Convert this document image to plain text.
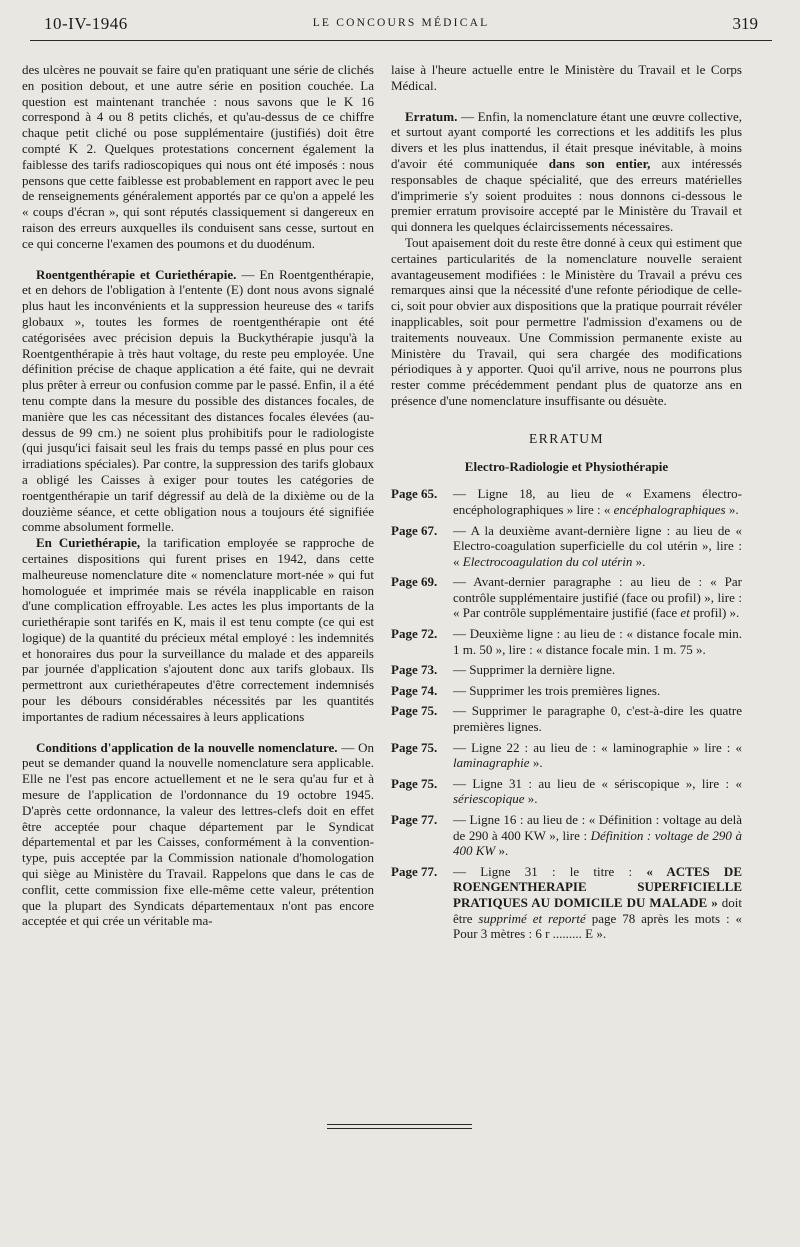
10-IV-1946	LE CONCOURS MÉDICAL	319

des ulcères ne pouvait se faire qu'en pratiquant une série de clichés en position debout, et une autre série en position couchée. La question est maintenant tranchée : nous savons que le K 16 correspond à 4 ou 8 petits clichés, et qu'au-dessus de ce chiffre chaque petit cliché ou pose supplémentaire (justifiés) doit être compté K 2. Quelques protestations concernent également la faiblesse des tarifs radioscopiques qui nous ont été imposés : nous pensons que cette faiblesse est probablement en rapport avec le peu de renseignements généralement apportés par ce qu'on a appelé les « coups d'écran », qui sont réputés classiquement si dangereux en raison des erreurs auxquelles ils conduisent sans cesse, surtout en ce qui concerne l'examen des poumons et du duodénum.

Roentgenthérapie et Curiethérapie. — En Roentgenthérapie, et en dehors de l'obligation à l'entente (E) dont nous avons signalé plus haut les inconvénients et la suppression heureuse des « tarifs globaux », toutes les formes de roentgenthérapie ont été catégorisées avec précision depuis la Buckythérapie jusqu'à la Roentgenthérapie à très haut voltage, du reste peu employée. Une définition précise de chaque application a été faite, qui ne devrait plus prêter à erreur ou confusion comme par le passé. Enfin, il a été tenu compte dans la mesure du possible des distances focales, de manière que les cas nécessitant des distances focales élevées (au-dessus de 99 cm.) ne soient plus prohibitifs pour le radiologiste (qui jusqu'ici faisait seul les frais du temps passé en plus pour ces irradiations spéciales). Par contre, la suppression des tarifs globaux a obligé les Caisses à exiger pour toutes les catégories de roentgenthérapie un tarif dégressif au delà de la dixième ou de la douzième séance, et cette obligation nous a toujours été signifiée comme absolument formelle.

En Curiethérapie, la tarification employée se rapproche de certaines dispositions qui furent prises en 1942, dans cette malheureuse nomenclature dite « nomenclature mort-née » qui fut homologuée et imprimée mais se révéla inapplicable en raison d'une complication effroyable. Les actes les plus importants de la curiethérapie sont tarifés en K, mais il est tenu compte (ce qui est logique) de la quantité du précieux métal employé : les indemnités et honoraires dus pour la surveillance du malade et des appareils par journée d'application s'ajoutent donc aux tarifs globaux. Ils permettront aux curiethérapeutes d'être correctement indemnisés pour les débours considérables nécessités par les quantités importantes de radium nécessaires à leurs applications

Conditions d'application de la nouvelle nomenclature. — On peut se demander quand la nouvelle nomenclature sera applicable. Elle ne l'est pas encore actuellement et ne le sera qu'au fur et à mesure de l'application de l'ordonnance du 19 octobre 1945. D'après cette ordonnance, la valeur des lettres-clefs doit en effet être acceptée pour chaque département par le Syndicat départemental et par les Caisses, conformément à la convention-type, puis acceptée par la Commission nationale d'homologation qui siège au Ministère du Travail. Rappelons que dans le cas de conflit, cette commission fixe elle-même cette valeur, prétention que la plupart des Syndicats départementaux n'ont pas encore acceptée et qui crée un véritable ma-

laise à l'heure actuelle entre le Ministère du Travail et le Corps Médical.

Erratum. — Enfin, la nomenclature étant une œuvre collective, et surtout ayant comporté les corrections et les additifs les plus divers et les plus inattendus, il était presque inévitable, à moins d'avoir été communiquée dans son entier, aux intéressés responsables de chaque spécialité, que des erreurs matérielles d'imprimerie s'y soient produites : nous donnons ci-dessous le premier erratum provisoire accepté par le Ministère du Travail et qui donnera les quelques éclaircissements nécessaires.

Tout apaisement doit du reste être donné à ceux qui estiment que certaines particularités de la nomenclature nouvelle seraient avantageusement modifiées : le Ministère du Travail a prévu ces remarques ainsi que la nécessité d'une refonte périodique de celle-ci, soit pour obvier aux dispositions que la pratique pourrait révéler inapplicables, soit pour permettre l'admission d'examens ou de traitements nouveaux. Une Commission permanente existe au Ministère du Travail, qui sera chargée des modifications périodiques à y apporter. Quoi qu'il arrive, nous ne pourrons plus rester comme précédemment pendant plus de quatorze ans en présence d'une nomenclature insuffisante ou désuète.

ERRATUM
Electro-Radiologie et Physiothérapie
Page 65.	— Ligne 18, au lieu de « Examens électro-encépholographiques » lire : « encéphalographiques ».
Page 67.	— A la deuxième avant-dernière ligne : au lieu de « Electro-coagulation superficielle du col utérin », lire : « Electrocoagulation du col utérin ».
Page 69.	— Avant-dernier paragraphe : au lieu de : « Par contrôle supplémentaire justifié (face ou profil) », lire : « Par contrôle supplémentaire justifié (face et profil) ».
Page 72.	— Deuxième ligne : au lieu de : « distance focale min. 1 m. 50 », lire : « distance focale min. 1 m. 75 ».
Page 73.	— Supprimer la dernière ligne.
Page 74.	— Supprimer les trois premières lignes.
Page 75.	— Supprimer le paragraphe 0, c'est-à-dire les quatre premières lignes.
Page 75.	— Ligne 22 : au lieu de : « laminographie » lire : « laminagraphie ».
Page 75.	— Ligne 31 : au lieu de « sériscopique », lire : « sériescopique ».
Page 77.	— Ligne 16 : au lieu de : « Définition : voltage au delà de 290 à 400 KW », lire : Définition : voltage de 290 à 400 KW ».
Page 77.	— Ligne 31 : le titre : « ACTES DE ROENGENTHERAPIE SUPERFICIELLE PRATIQUES AU DOMICILE DU MALADE » doit être supprimé et reporté page 78 après les mots : « Pour 3 mètres : 6 r ......... E ».
